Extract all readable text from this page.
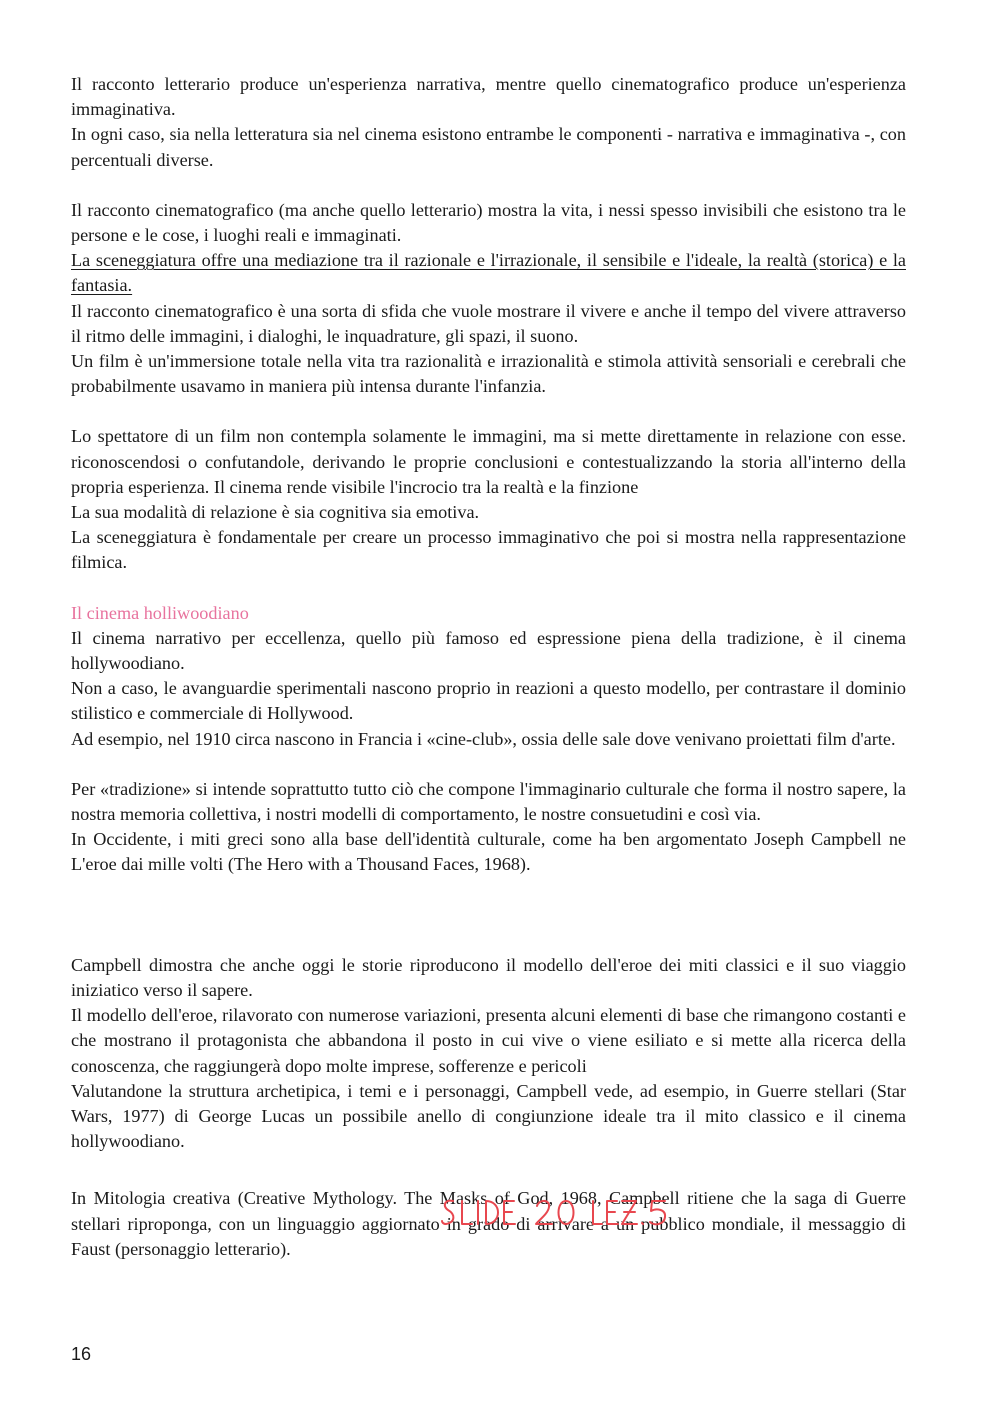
Il racconto letterario produce un'esperienza narrativa, mentre quello cinematografico produce un'esperienza immaginativa.

In ogni caso, sia nella letteratura sia nel cinema esistono entrambe le componenti - narrativa e immaginativa -, con percentuali diverse.

Il racconto cinematografico (ma anche quello letterario) mostra la vita, i nessi spesso invisibili che esistono tra le persone e le cose, i luoghi reali e immaginati.

La sceneggiatura offre una mediazione tra il razionale e l'irrazionale, il sensibile e l'ideale, la realtà (storica) e la fantasia.

Il racconto cinematografico è una sorta di sfida che vuole mostrare il vivere e anche il tempo del vivere attraverso il ritmo delle immagini, i dialoghi, le inquadrature, gli spazi, il suono.

Un film è un'immersione totale nella vita tra razionalità e irrazionalità e stimola attività sensoriali e cerebrali che probabilmente usavamo in maniera più intensa durante l'infanzia.

Lo spettatore di un film non contempla solamente le immagini, ma si mette direttamente in relazione con esse. riconoscendosi o confutandole, derivando le proprie conclusioni e contestualizzando la storia all'interno della propria esperienza. Il cinema rende visibile l'incrocio tra la realtà e la finzione

La sua modalità di relazione è sia cognitiva sia emotiva.

La sceneggiatura è fondamentale per creare un processo immaginativo che poi si mostra nella rappresentazione filmica.

Il cinema holliwoodiano

Il cinema narrativo per eccellenza, quello più famoso ed espressione piena della tradizione, è il cinema hollywoodiano.

Non a caso, le avanguardie sperimentali nascono proprio in reazioni a questo modello, per contrastare il dominio stilistico e commerciale di Hollywood.

Ad esempio, nel 1910 circa nascono in Francia i «cine-club», ossia delle sale dove venivano proiettati film d'arte.

Per «tradizione» si intende soprattutto tutto ciò che compone l'immaginario culturale che forma il nostro sapere, la nostra memoria collettiva, i nostri modelli di comportamento, le nostre consuetudini e così via.

In Occidente, i miti greci sono alla base dell'identità culturale, come ha ben argomentato Joseph Campbell ne L'eroe dai mille volti (The Hero with a Thousand Faces, 1968).

Campbell dimostra che anche oggi le storie riproducono il modello dell'eroe dei miti classici e il suo viaggio iniziatico verso il sapere.

Il modello dell'eroe, rilavorato con numerose variazioni, presenta alcuni elementi di base che rimangono costanti e che mostrano il protagonista che abbandona il posto in cui vive o viene esiliato e si mette alla ricerca della conoscenza, che raggiungerà dopo molte imprese, sofferenze e pericoli

Valutandone la struttura archetipica, i temi e i personaggi, Campbell vede, ad esempio, in Guerre stellari (Star Wars, 1977) di George Lucas un possibile anello di congiunzione ideale tra il mito classico e il cinema hollywoodiano.

In Mitologia creativa (Creative Mythology. The Masks of God, 1968, Campbell ritiene che la saga di Guerre stellari riproponga, con un linguaggio aggiornato in grado di arrivare a un pubblico mondiale, il messaggio di Faust (personaggio letterario).

16
